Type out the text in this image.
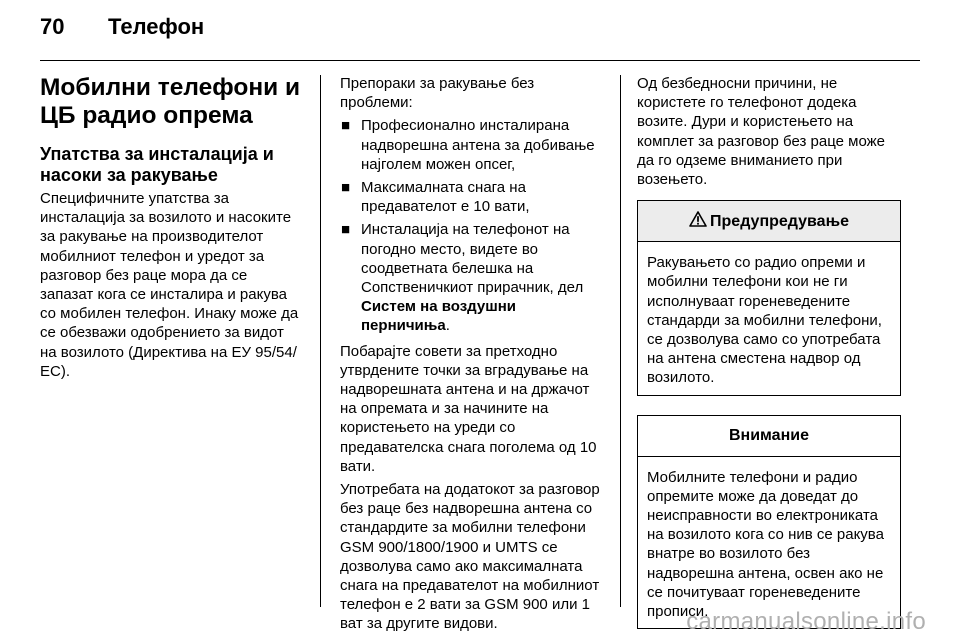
70 Телефон
Мобилни телефони и ЦБ радио опрема
Упатства за инсталација и насоки за ракување

Специфичните упатства за инсталација за возилото и насоките за ракување на производителот мобилниот телефон и уредот за разговор без раце мора да се запазат кога се инсталира и ракува со мобилен телефон. Инаку може да се обезважи одобрението за видот на возилото (Директива на ЕУ 95/54/ ЕС).

Препораки за ракување без проблеми:

■ Професионално инсталирана надворешна антена за добивање најголем можен опсег,
■ Максималната снага на предавателот е 10 вати,
■ Инсталација на телефонот на погодно место, видете во соодветната белешка на Сопственичкиот прирачник, дел Систем на воздушни перничиња.

Побарајте совети за претходно утврдените точки за вградување на надворешната антена и на држачот на опремата и за начините на користењето на уреди со предавателска снага поголема од 10 вати.

Употребата на додатокот за разговор без раце без надворешна антена со стандардите за мобилни телефони GSM 900/1800/1900 и UMTS се дозволува само ако максималната снага на предавателот на мобилниот телефон е 2 вати за GSM 900 или 1 ват за другите видови.

Од безбедносни причини, не користете го телефонот додека возите. Дури и користењето на комплет за разговор без раце може да го одземе вниманието при возењето.

Предупредување
Ракувањето со радио опреми и мобилни телефони кои не ги исполнуваат гореневедените стандарди за мобилни телефони, се дозволува само со употребата на антена сместена надвор од возилото.
Внимание
Мобилните телефони и радио опремите може да доведат до неисправности во електрониката на возилото кога со нив се ракува внатре во возилото без надворешна антена, освен ако не се почитуваат гореневедените прописи.
carmanualsonline.info
